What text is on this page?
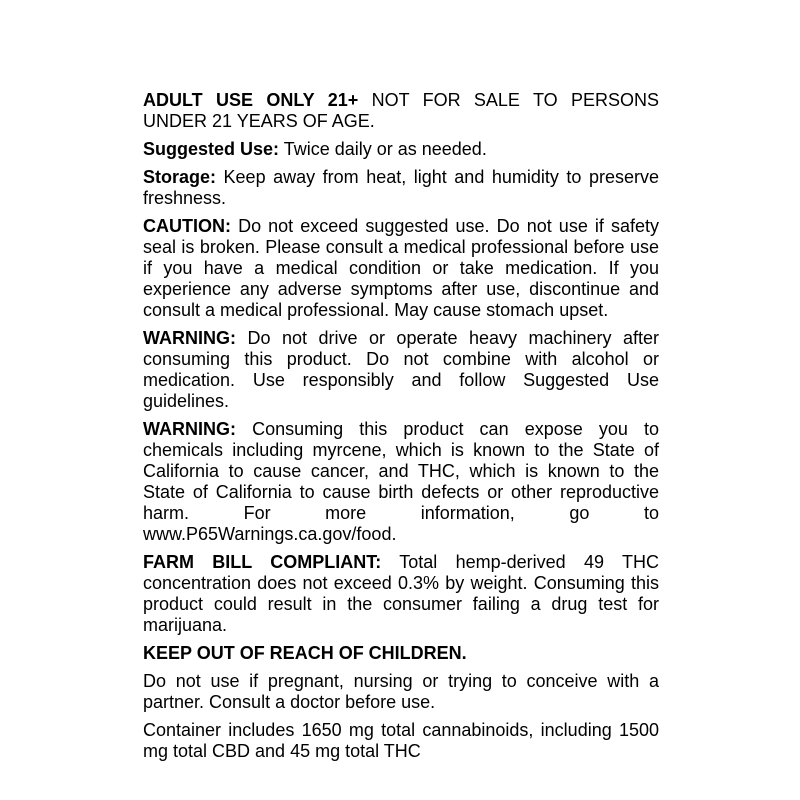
ADULT USE ONLY 21+ NOT FOR SALE TO PERSONS UNDER 21 YEARS OF AGE.

Suggested Use: Twice daily or as needed.

Storage: Keep away from heat, light and humidity to preserve freshness.

CAUTION: Do not exceed suggested use. Do not use if safety seal is broken. Please consult a medical professional before use if you have a medical condition or take medication. If you experience any adverse symptoms after use, discontinue and consult a medical professional. May cause stomach upset.

WARNING: Do not drive or operate heavy machinery after consuming this product. Do not combine with alcohol or medication. Use responsibly and follow Suggested Use guidelines.

WARNING: Consuming this product can expose you to chemicals including myrcene, which is known to the State of California to cause cancer, and THC, which is known to the State of California to cause birth defects or other reproductive harm. For more information, go to www.P65Warnings.ca.gov/food.

FARM BILL COMPLIANT: Total hemp-derived 49 THC concentration does not exceed 0.3% by weight. Consuming this product could result in the consumer failing a drug test for marijuana.

KEEP OUT OF REACH OF CHILDREN.

Do not use if pregnant, nursing or trying to conceive with a partner. Consult a doctor before use.

Container includes 1650 mg total cannabinoids, including 1500 mg total CBD and 45 mg total THC
